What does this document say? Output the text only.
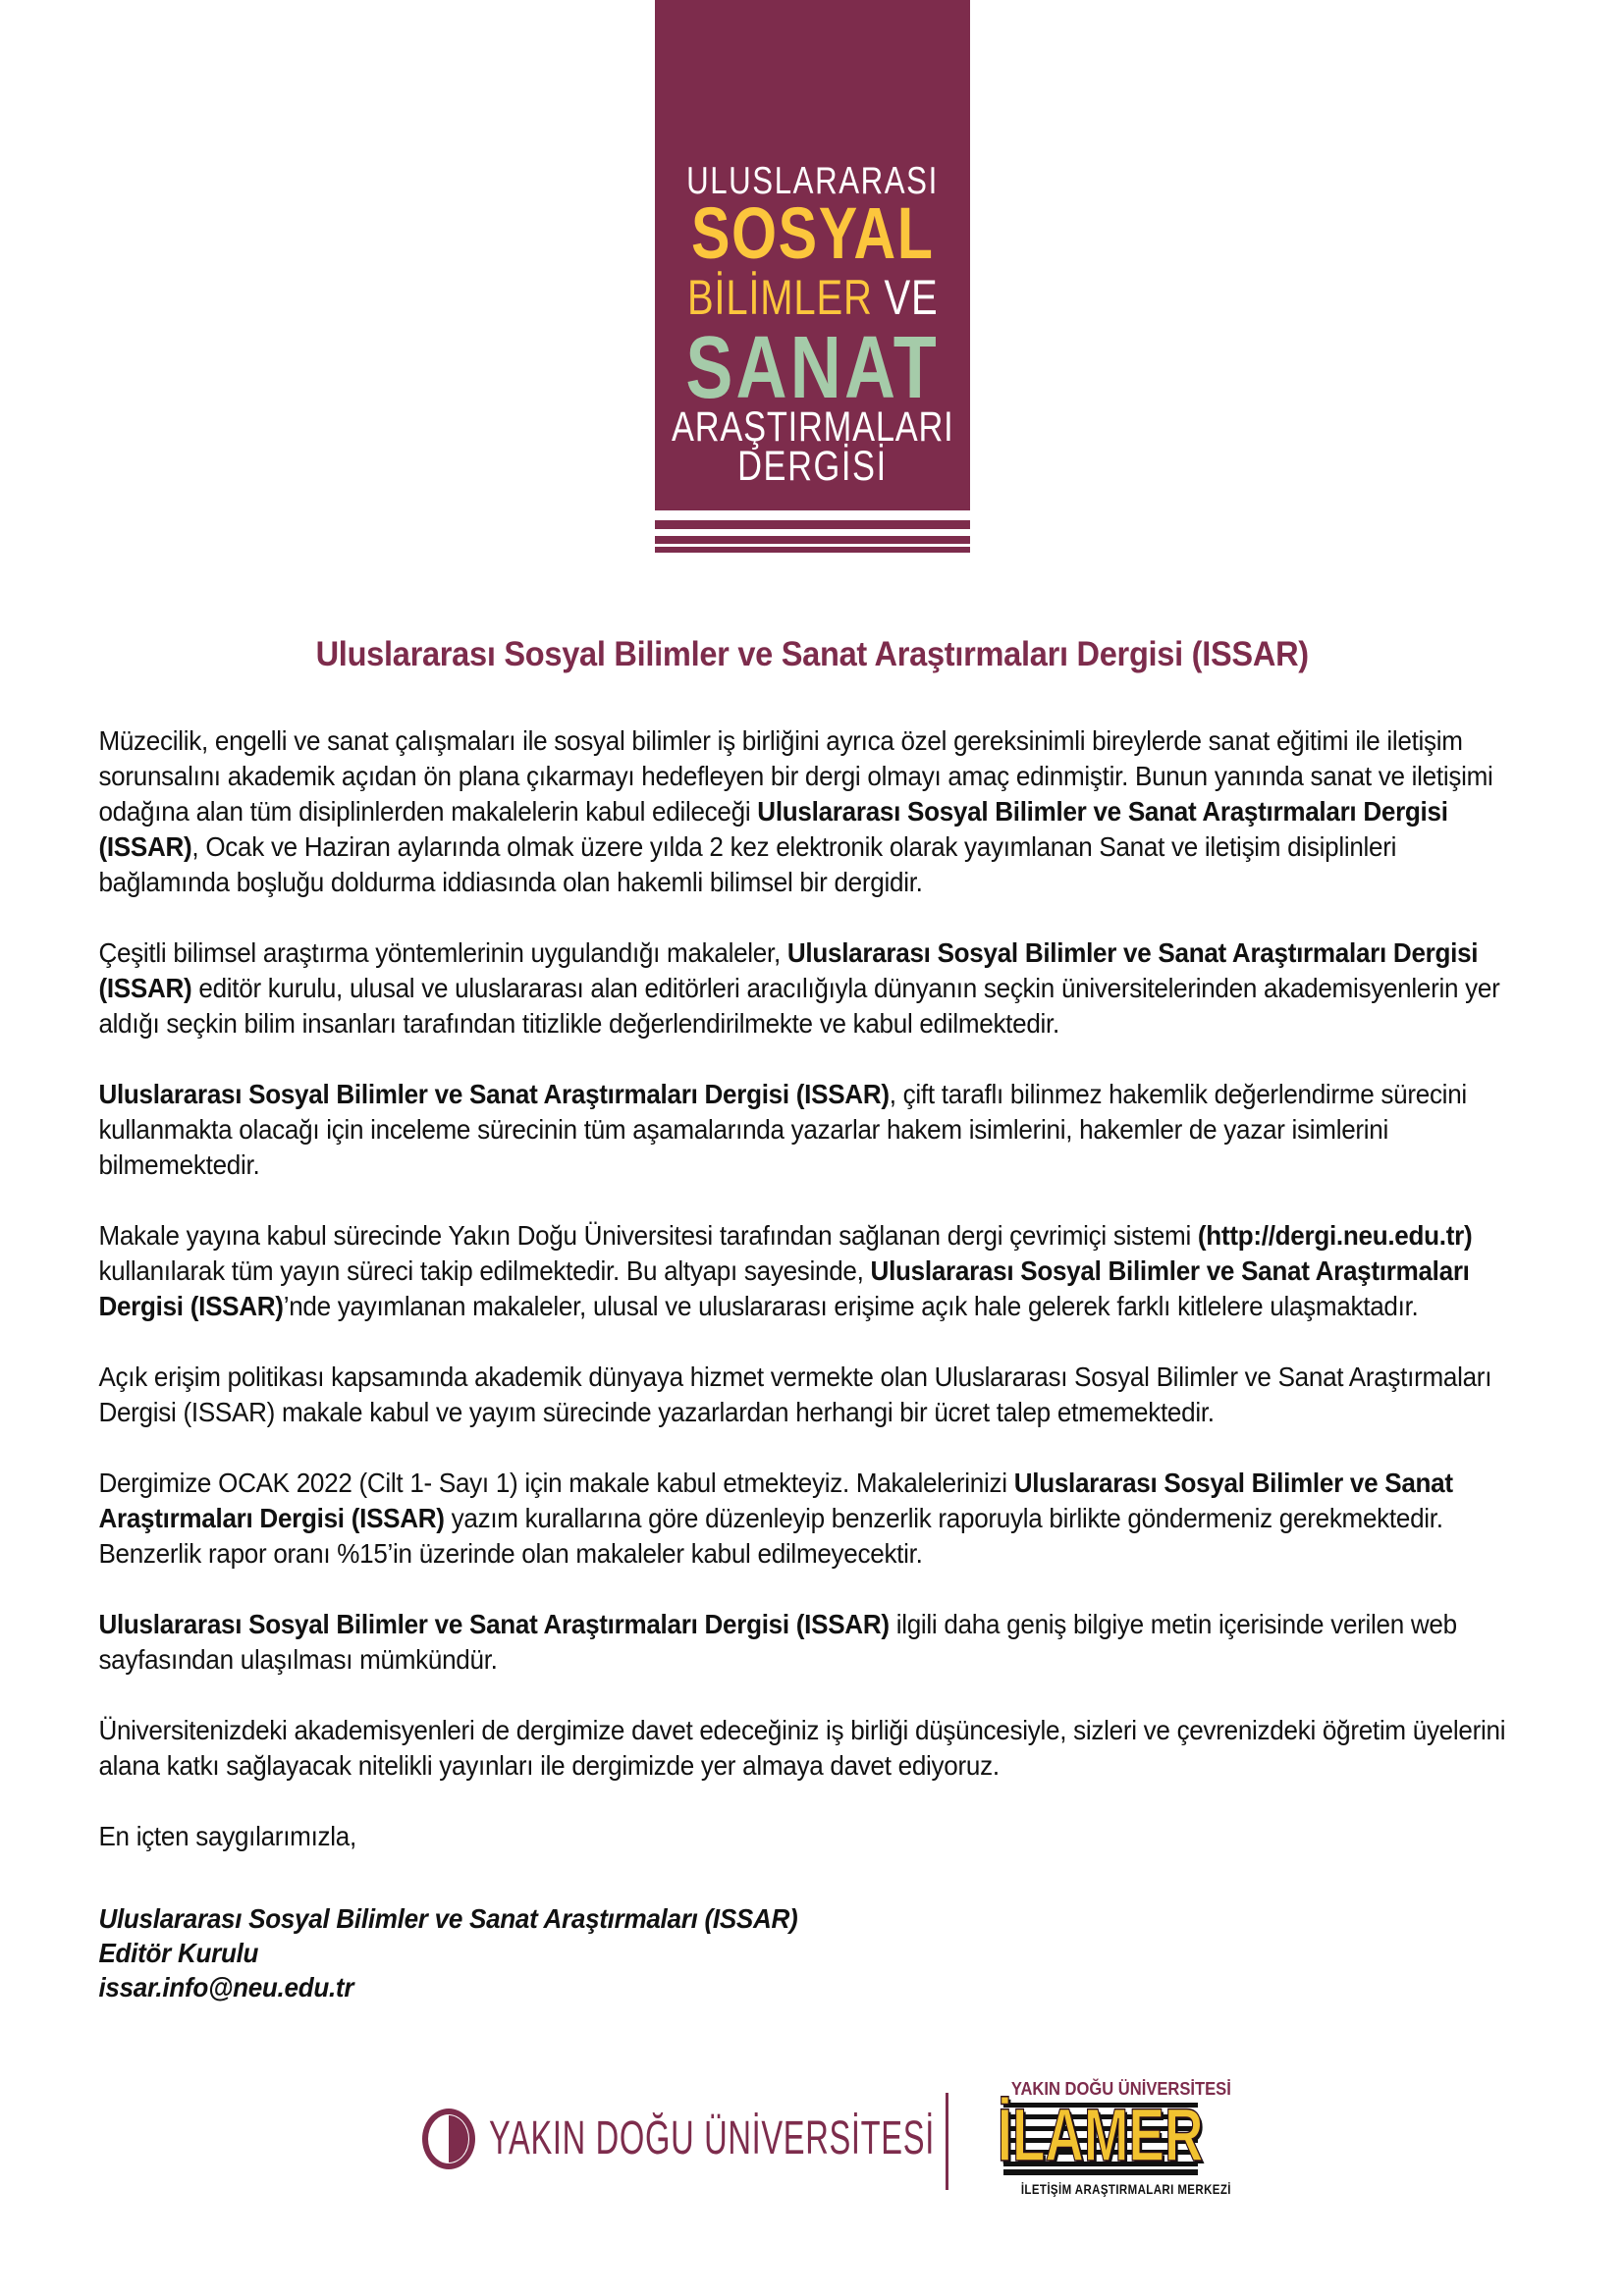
ULUSLARARASI
SOSYAL
BİLİMLER VE
SANAT
ARAŞTIRMALARI
DERGİSİ
Uluslararası Sosyal Bilimler ve Sanat Araştırmaları Dergisi (ISSAR)

Müzecilik, engelli ve sanat çalışmaları ile sosyal bilimler iş birliğini ayrıca özel gereksinimli bireylerde sanat eğitimi ile iletişim sorunsalını akademik açıdan ön plana çıkarmayı hedefleyen bir dergi olmayı amaç edinmiştir. Bunun yanında sanat ve iletişimi odağına alan tüm disiplinlerden makalelerin kabul edileceği Uluslararası Sosyal Bilimler ve Sanat Araştırmaları Dergisi (ISSAR), Ocak ve Haziran aylarında olmak üzere yılda 2 kez elektronik olarak yayımlanan Sanat ve iletişim disiplinleri bağlamında boşluğu doldurma iddiasında olan hakemli bilimsel bir dergidir.

Çeşitli bilimsel araştırma yöntemlerinin uygulandığı makaleler, Uluslararası Sosyal Bilimler ve Sanat Araştırmaları Dergisi (ISSAR) editör kurulu, ulusal ve uluslararası alan editörleri aracılığıyla dünyanın seçkin üniversitelerinden akademisyenlerin yer aldığı seçkin bilim insanları tarafından titizlikle değerlendirilmekte ve kabul edilmektedir.

Uluslararası Sosyal Bilimler ve Sanat Araştırmaları Dergisi (ISSAR), çift taraflı bilinmez hakemlik değerlendirme sürecini kullanmakta olacağı için inceleme sürecinin tüm aşamalarında yazarlar hakem isimlerini, hakemler de yazar isimlerini bilmemektedir.

Makale yayına kabul sürecinde Yakın Doğu Üniversitesi tarafından sağlanan dergi çevrimiçi sistemi (http://dergi.neu.edu.tr) kullanılarak tüm yayın süreci takip edilmektedir. Bu altyapı sayesinde, Uluslararası Sosyal Bilimler ve Sanat Araştırmaları Dergisi (ISSAR)’nde yayımlanan makaleler, ulusal ve uluslararası erişime açık hale gelerek farklı kitlelere ulaşmaktadır.

Açık erişim politikası kapsamında akademik dünyaya hizmet vermekte olan Uluslararası Sosyal Bilimler ve Sanat Araştırmaları Dergisi (ISSAR) makale kabul ve yayım sürecinde yazarlardan herhangi bir ücret talep etmemektedir.

Dergimize OCAK 2022 (Cilt 1- Sayı 1) için makale kabul etmekteyiz. Makalelerinizi Uluslararası Sosyal Bilimler ve Sanat Araştırmaları Dergisi (ISSAR) yazım kurallarına göre düzenleyip benzerlik raporuyla birlikte göndermeniz gerekmektedir. Benzerlik rapor oranı %15’in üzerinde olan makaleler kabul edilmeyecektir.

Uluslararası Sosyal Bilimler ve Sanat Araştırmaları Dergisi (ISSAR) ilgili daha geniş bilgiye metin içerisinde verilen web sayfasından ulaşılması mümkündür.

Üniversitenizdeki akademisyenleri de dergimize davet edeceğiniz iş birliği düşüncesiyle, sizleri ve çevrenizdeki öğretim üyelerini alana katkı sağlayacak nitelikli yayınları ile dergimizde yer almaya davet ediyoruz.

En içten saygılarımızla,

Uluslararası Sosyal Bilimler ve Sanat Araştırmaları (ISSAR)
Editör Kurulu
issar.info@neu.edu.tr
YAKIN DOĞU ÜNİVERSİTESİ
YAKIN DOĞU ÜNİVERSİTESİ
İLAMER
İLETİŞİM ARAŞTIRMALARI MERKEZİ
